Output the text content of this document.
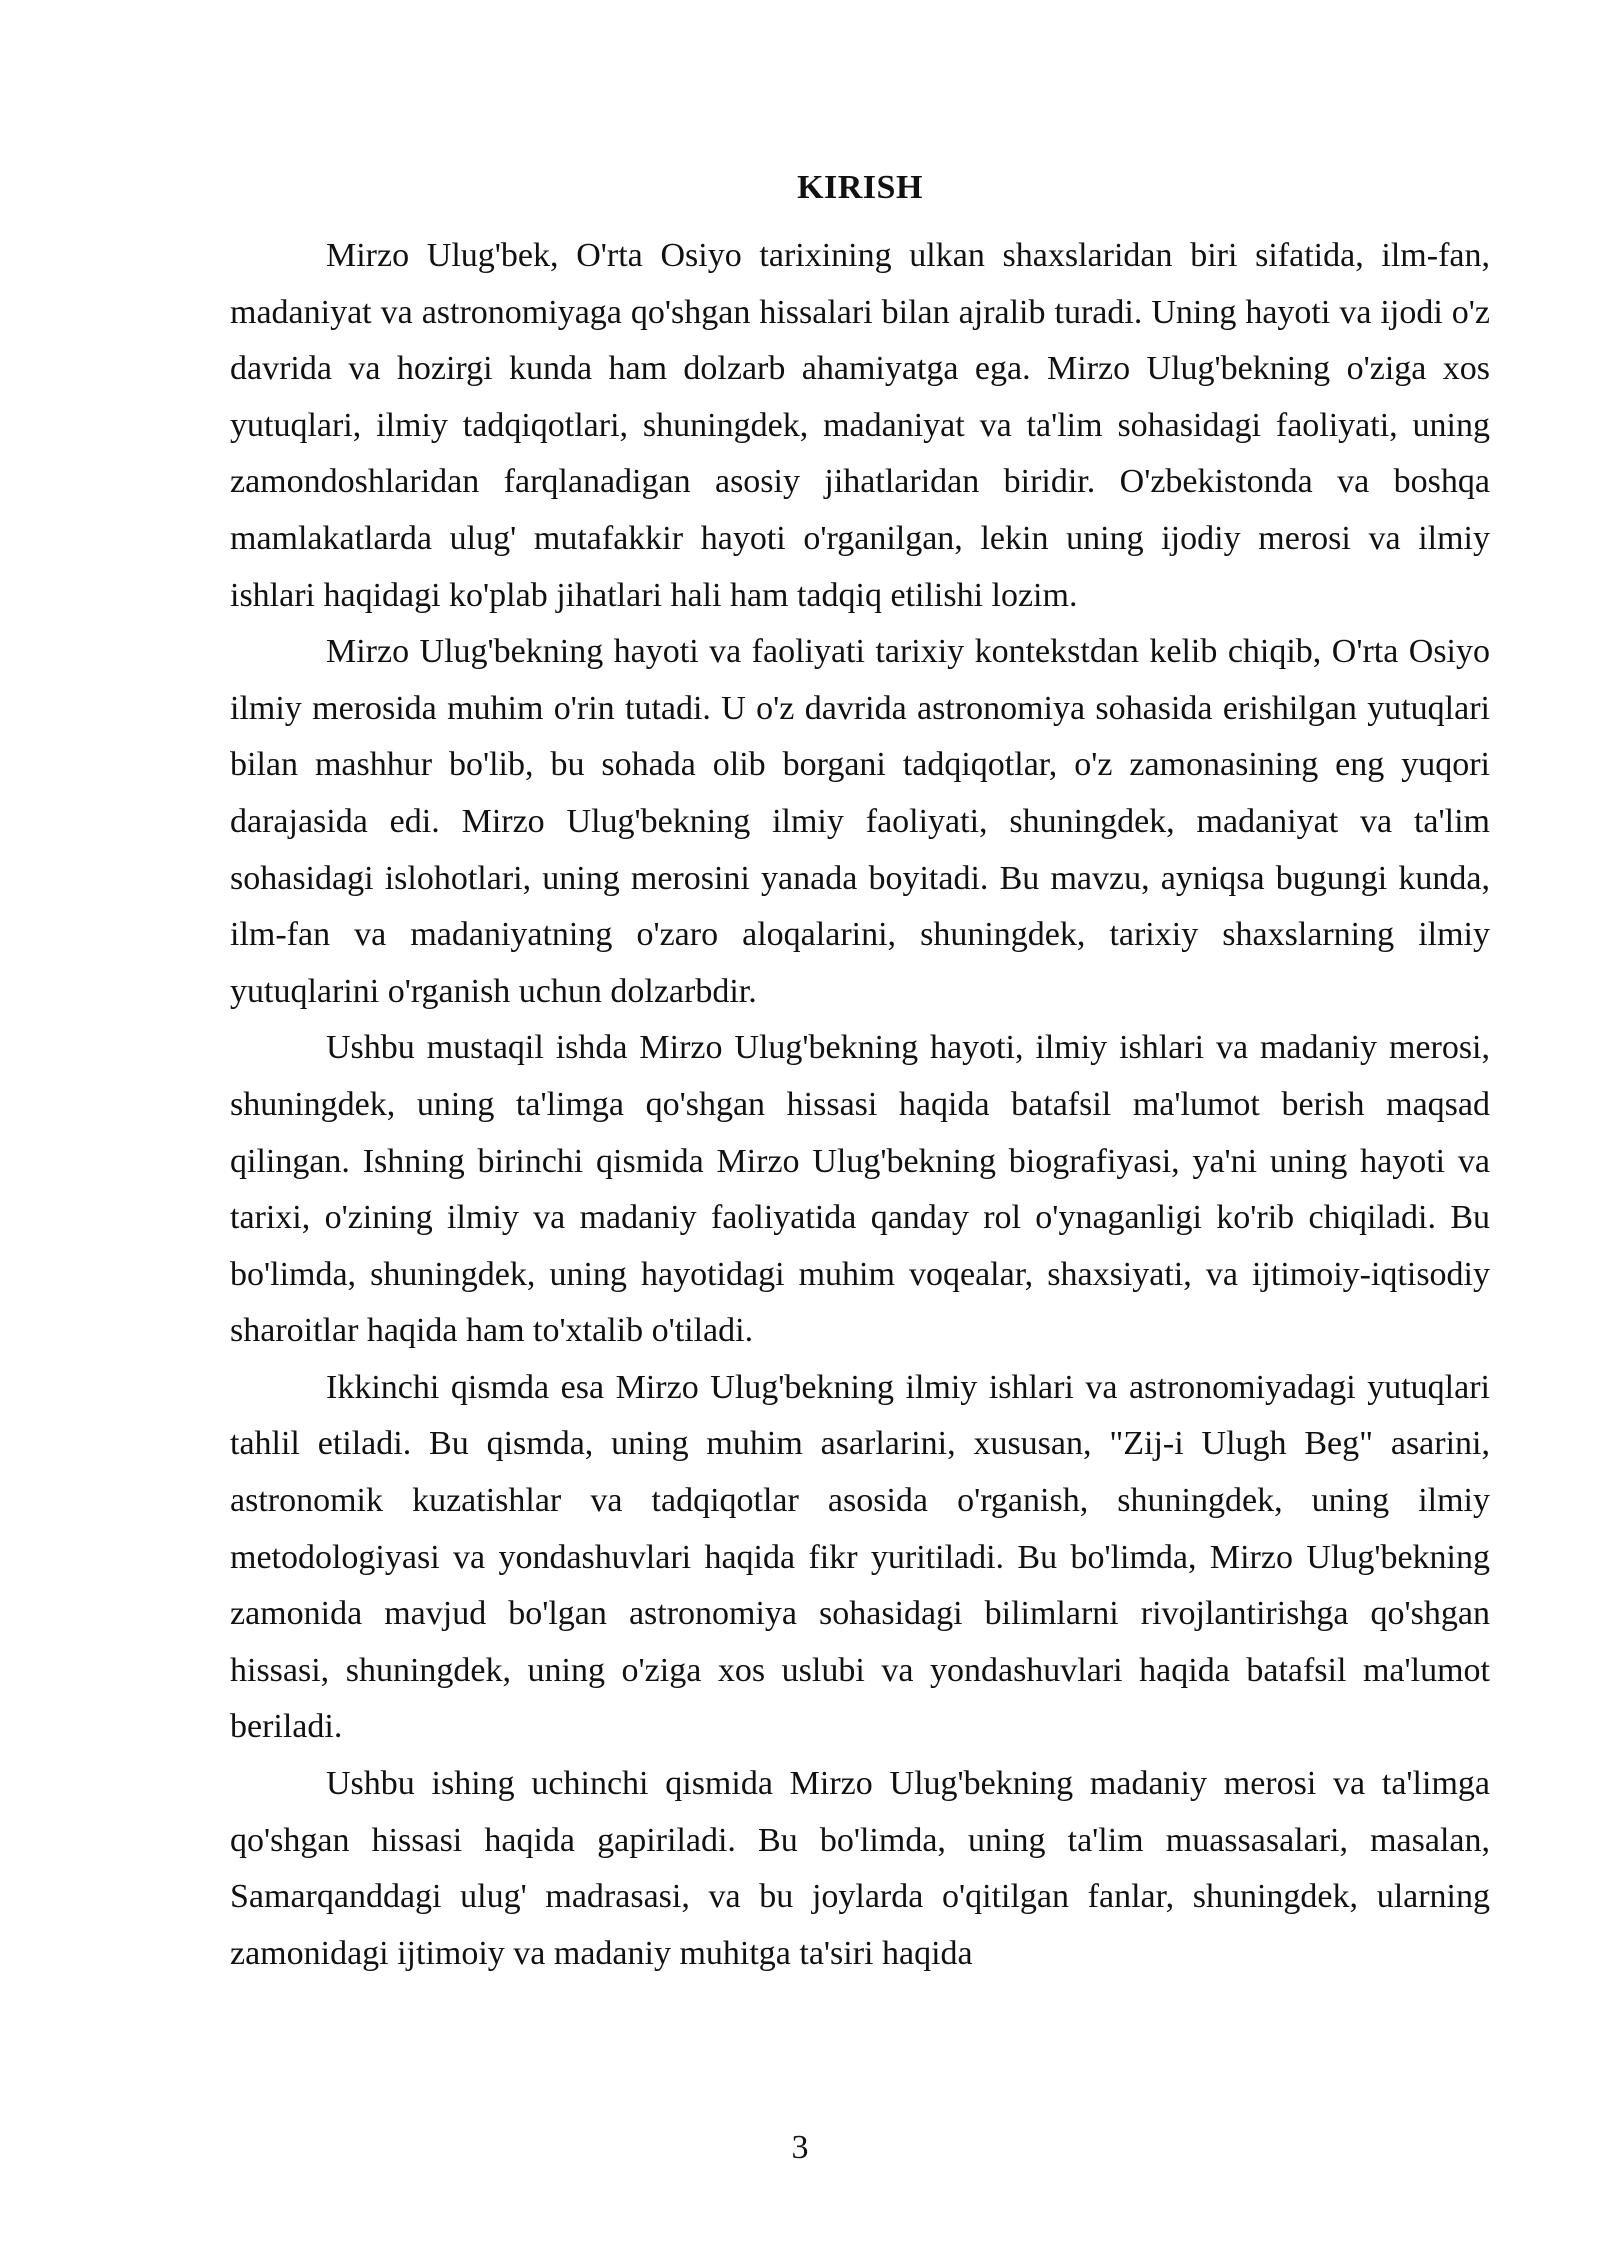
KIRISH

Mirzo Ulug'bek, O'rta Osiyo tarixining ulkan shaxslaridan biri sifatida, ilm-fan, madaniyat va astronomiyaga qo'shgan hissalari bilan ajralib turadi. Uning hayoti va ijodi o'z davrida va hozirgi kunda ham dolzarb ahamiyatga ega. Mirzo Ulug'bekning o'ziga xos yutuqlari, ilmiy tadqiqotlari, shuningdek, madaniyat va ta'lim sohasidagi faoliyati, uning zamondoshlaridan farqlanadigan asosiy jihatlaridan biridir. O'zbekistonda va boshqa mamlakatlarda ulug' mutafakkir hayoti o'rganilgan, lekin uning ijodiy merosi va ilmiy ishlari haqidagi ko'plab jihatlari hali ham tadqiq etilishi lozim.

Mirzo Ulug'bekning hayoti va faoliyati tarixiy kontekstdan kelib chiqib, O'rta Osiyo ilmiy merosida muhim o'rin tutadi. U o'z davrida astronomiya sohasida erishilgan yutuqlari bilan mashhur bo'lib, bu sohada olib borgani tadqiqotlar, o'z zamonasining eng yuqori darajasida edi. Mirzo Ulug'bekning ilmiy faoliyati, shuningdek, madaniyat va ta'lim sohasidagi islohotlari, uning merosini yanada boyitadi. Bu mavzu, ayniqsa bugungi kunda, ilm-fan va madaniyatning o'zaro aloqalarini, shuningdek, tarixiy shaxslarning ilmiy yutuqlarini o'rganish uchun dolzarbdir.

Ushbu mustaqil ishda Mirzo Ulug'bekning hayoti, ilmiy ishlari va madaniy merosi, shuningdek, uning ta'limga qo'shgan hissasi haqida batafsil ma'lumot berish maqsad qilingan. Ishning birinchi qismida Mirzo Ulug'bekning biografiyasi, ya'ni uning hayoti va tarixi, o'zining ilmiy va madaniy faoliyatida qanday rol o'ynaganligi ko'rib chiqiladi. Bu bo'limda, shuningdek, uning hayotidagi muhim voqealar, shaxsiyati, va ijtimoiy-iqtisodiy sharoitlar haqida ham to'xtalib o'tiladi.

Ikkinchi qismda esa Mirzo Ulug'bekning ilmiy ishlari va astronomiyadagi yutuqlari tahlil etiladi. Bu qismda, uning muhim asarlarini, xususan, "Zij-i Ulugh Beg" asarini, astronomik kuzatishlar va tadqiqotlar asosida o'rganish, shuningdek, uning ilmiy metodologiyasi va yondashuvlari haqida fikr yuritiladi. Bu bo'limda, Mirzo Ulug'bekning zamonida mavjud bo'lgan astronomiya sohasidagi bilimlarni rivojlantirishga qo'shgan hissasi, shuningdek, uning o'ziga xos uslubi va yondashuvlari haqida batafsil ma'lumot beriladi.

Ushbu ishing uchinchi qismida Mirzo Ulug'bekning madaniy merosi va ta'limga qo'shgan hissasi haqida gapiriladi. Bu bo'limda, uning ta'lim muassasalari, masalan, Samarqanddagi ulug' madrasasi, va bu joylarda o'qitilgan fanlar, shuningdek, ularning zamonidagi ijtimoiy va madaniy muhitga ta'siri haqida

3
